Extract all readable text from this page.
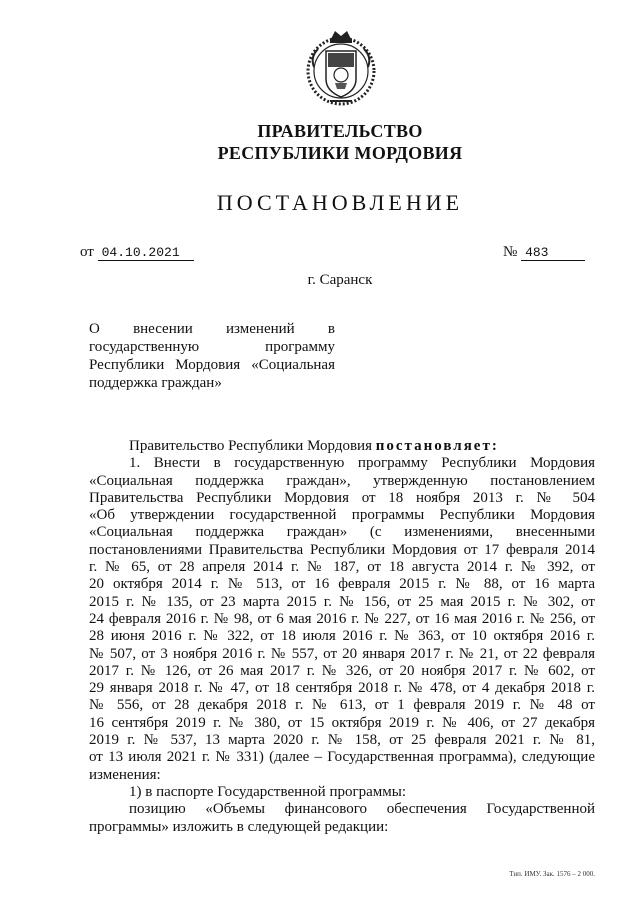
ПРАВИТЕЛЬСТВО
РЕСПУБЛИКИ МОРДОВИЯ
ПОСТАНОВЛЕНИЕ
от 04.10.2021	№ 483
г. Саранск
О внесении изменений в
государственную программу
Республики Мордовия «Социальная
поддержка граждан»
Правительство Республики Мордовия постановляет:
1. Внести в государственную программу Республики Мордовия
«Социальная поддержка граждан», утвержденную постановлением
Правительства Республики Мордовия от 18 ноября 2013 г. № 504
«Об утверждении государственной программы Республики Мордовия
«Социальная поддержка граждан» (с изменениями, внесенными
постановлениями Правительства Республики Мордовия от 17 февраля 2014
г. № 65, от 28 апреля 2014 г. № 187, от 18 августа 2014 г. № 392, от
20 октября 2014 г. № 513, от 16 февраля 2015 г. № 88, от 16 марта
2015 г. № 135, от 23 марта 2015 г. № 156, от 25 мая 2015 г. № 302, от
24 февраля 2016 г. № 98, от 6 мая 2016 г. № 227, от 16 мая 2016 г. № 256, от
28 июня 2016 г. № 322, от 18 июля 2016 г. № 363, от 10 октября 2016 г.
№ 507, от 3 ноября 2016 г. № 557, от 20 января 2017 г. № 21, от 22 февраля
2017 г. № 126, от 26 мая 2017 г. № 326, от 20 ноября 2017 г. № 602, от
29 января 2018 г. № 47, от 18 сентября 2018 г. № 478, от 4 декабря 2018 г.
№ 556, от 28 декабря 2018 г. № 613, от 1 февраля 2019 г. № 48 от
16 сентября 2019 г. № 380, от 15 октября 2019 г. № 406, от 27 декабря
2019 г. № 537, 13 марта 2020 г. № 158, от 25 февраля 2021 г. № 81,
от 13 июля 2021 г. № 331) (далее – Государственная программа), следующие
изменения:
1) в паспорте Государственной программы:
позицию «Объемы финансового обеспечения Государственной
программы» изложить в следующей редакции:
Тип. ИМУ. Зак. 1576 – 2 000.
